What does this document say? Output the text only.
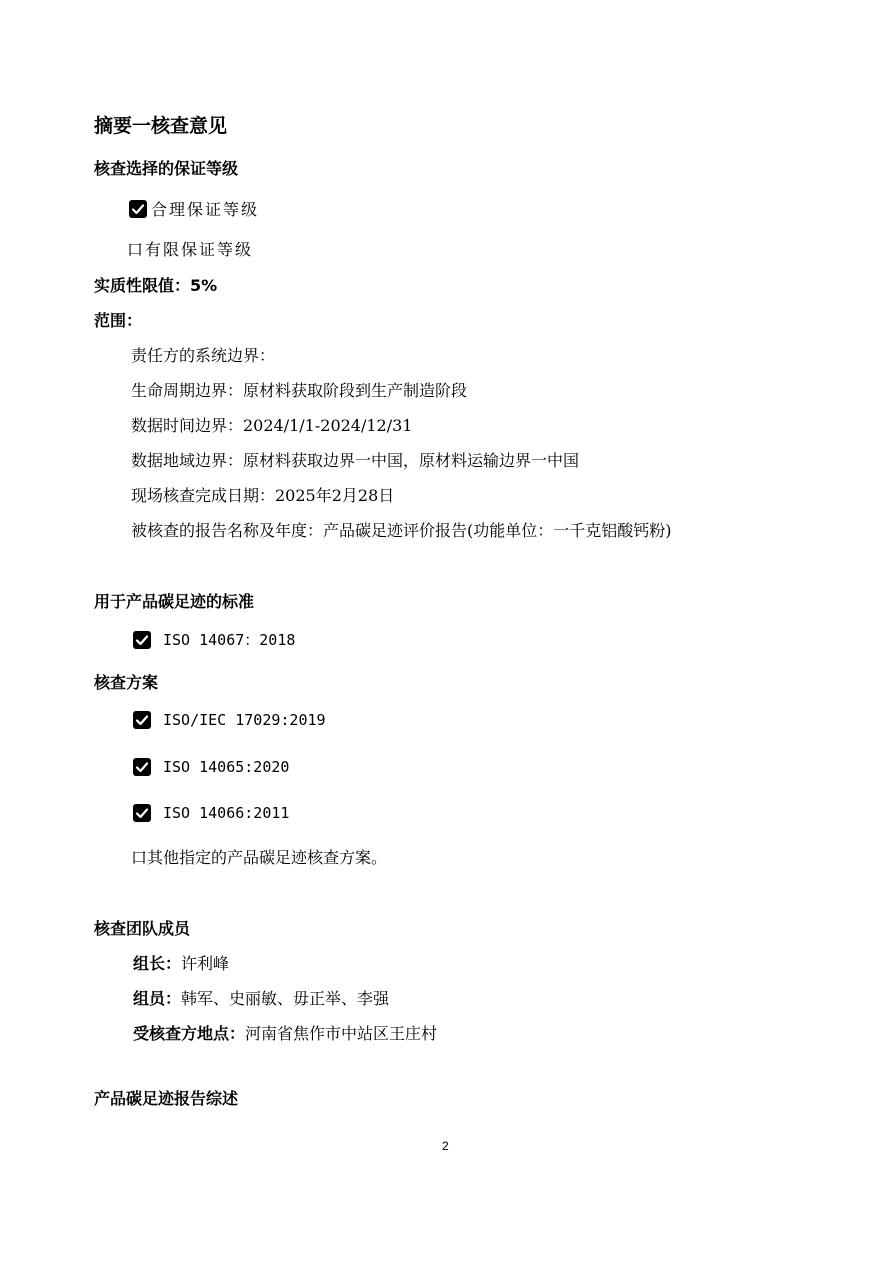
摘要一核查意见
核查选择的保证等级
合理保证等级
口有限保证等级
实质性限值：5%
范围：
责任方的系统边界：
生命周期边界：原材料获取阶段到生产制造阶段
数据时间边界：2024/1/1-2024/12/31
数据地域边界：原材料获取边界一中国，原材料运输边界一中国
现场核查完成日期：2025年2月28日
被核查的报告名称及年度：产品碳足迹评价报告(功能单位：一千克铝酸钙粉)
用于产品碳足迹的标准
ISO 14067：2018
核查方案
ISO/IEC 17029:2019
ISO 14065:2020
ISO 14066:2011
口其他指定的产品碳足迹核查方案。
核查团队成员
组长：许利峰
组员：韩军、史丽敏、毋正举、李强
受核查方地点：河南省焦作市中站区王庄村
产品碳足迹报告综述
2
